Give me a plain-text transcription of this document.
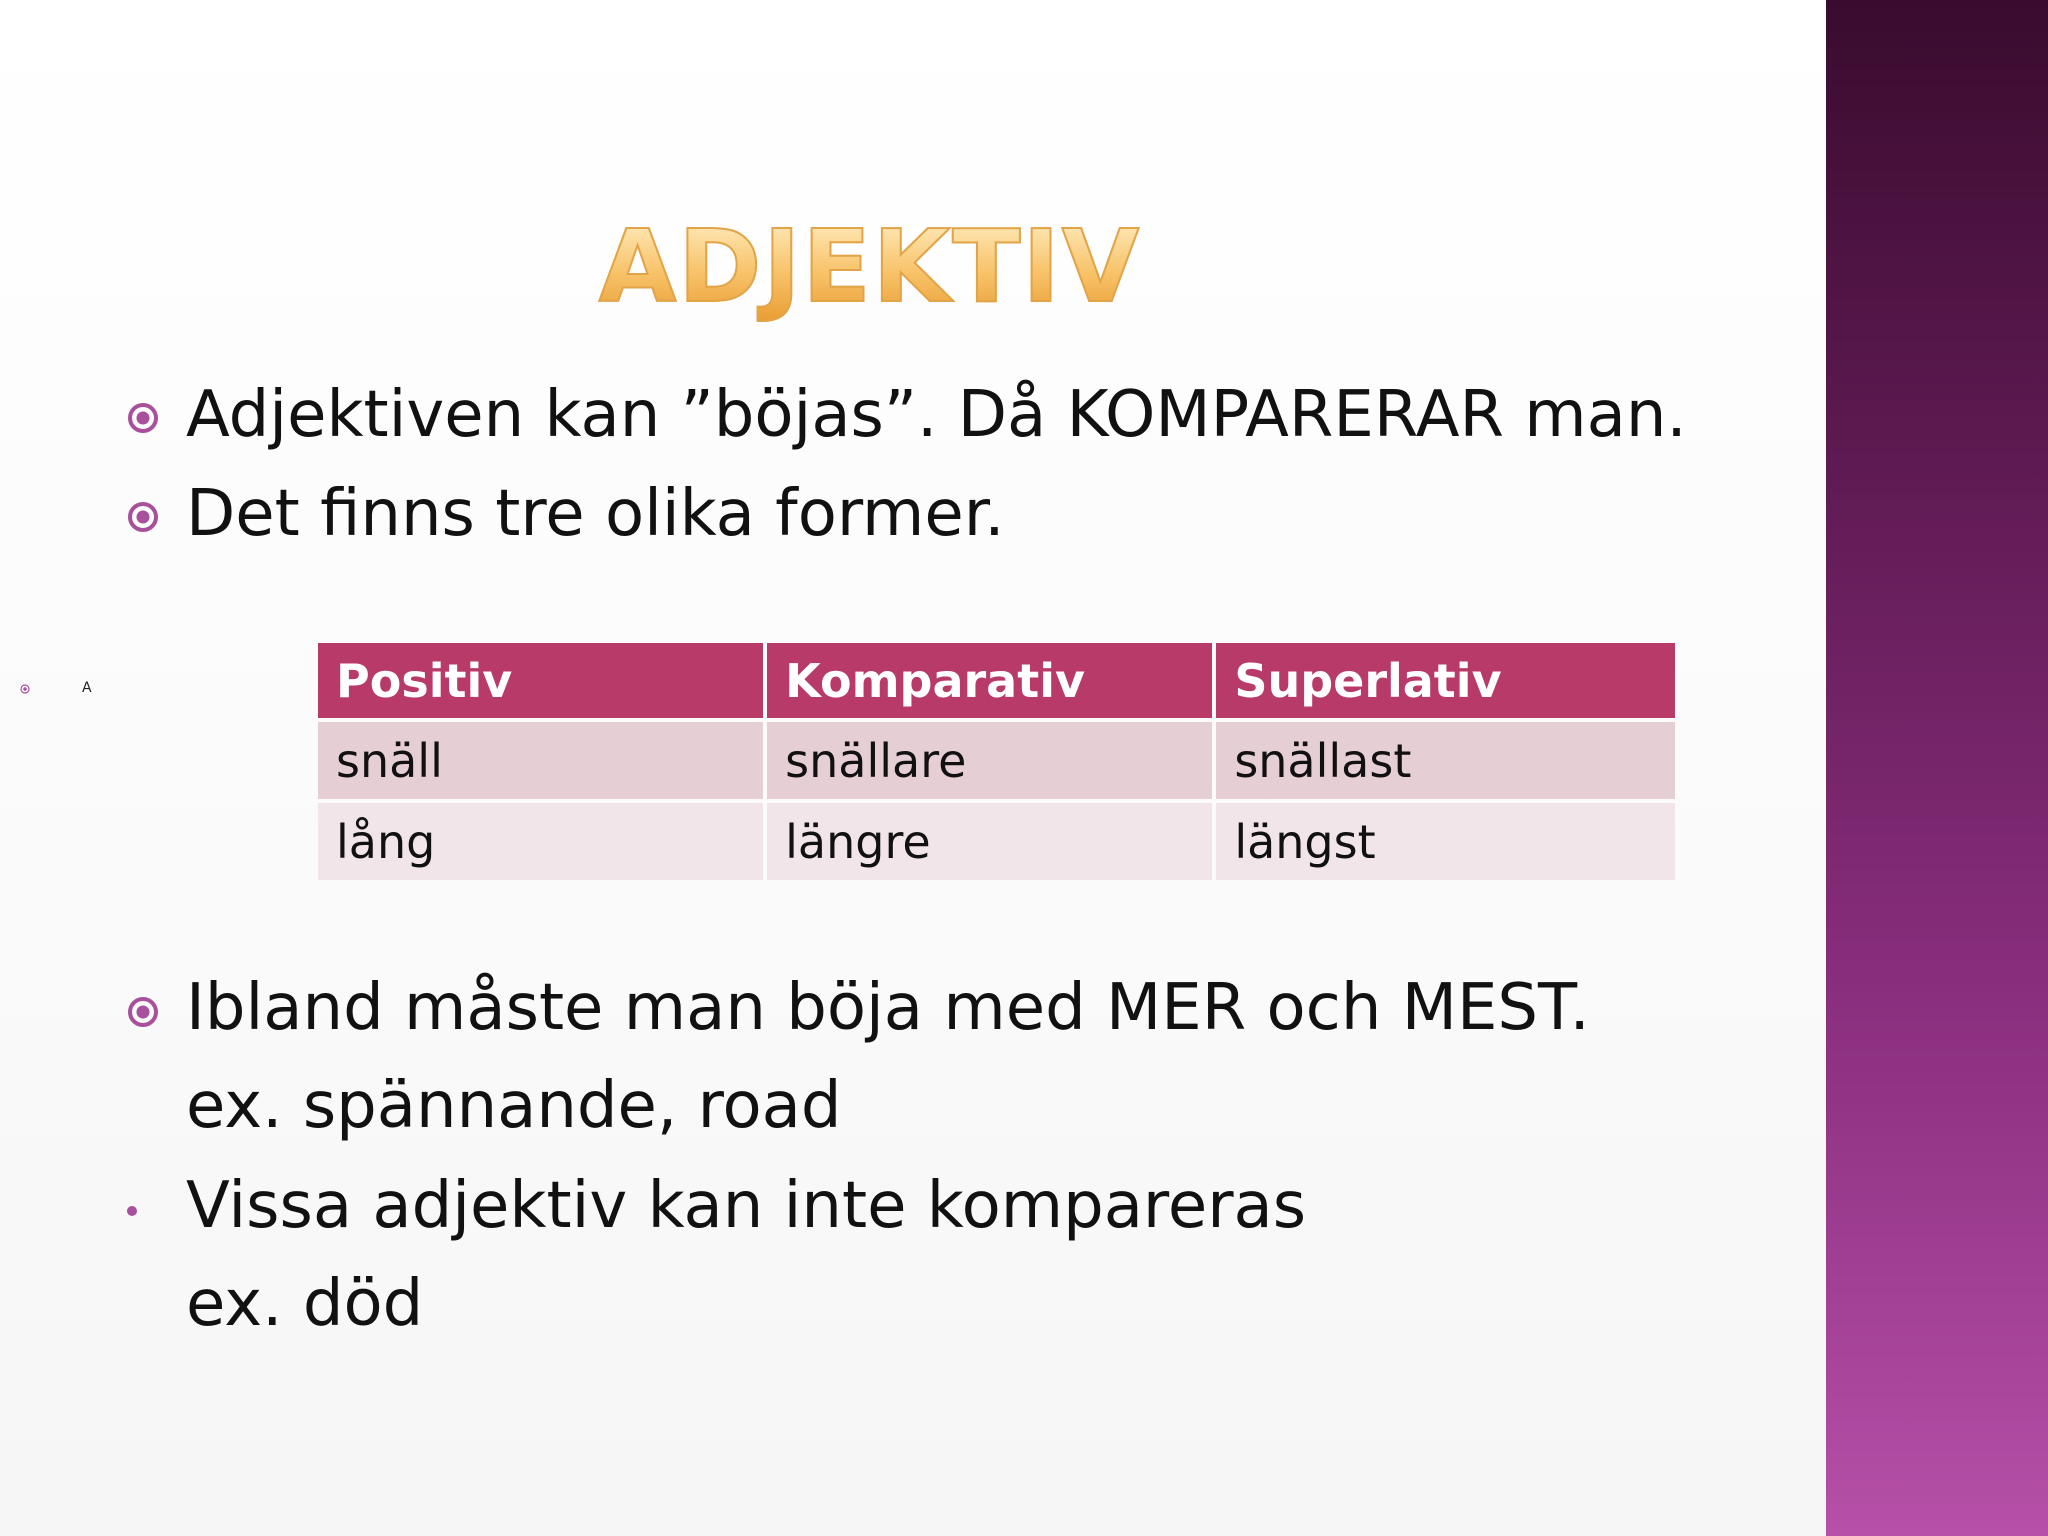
ADJEKTIV
Adjektiven kan ”böjas”. Då KOMPARERAR man.
Det finns tre olika former.
A	Positiv	Komparativ	Superlativ
snäll	snällare	snällast
lång	längre	längst
Ibland måste man böja med MER och MEST.
ex. spännande, road
Vissa adjektiv kan inte kompareras
ex. död
